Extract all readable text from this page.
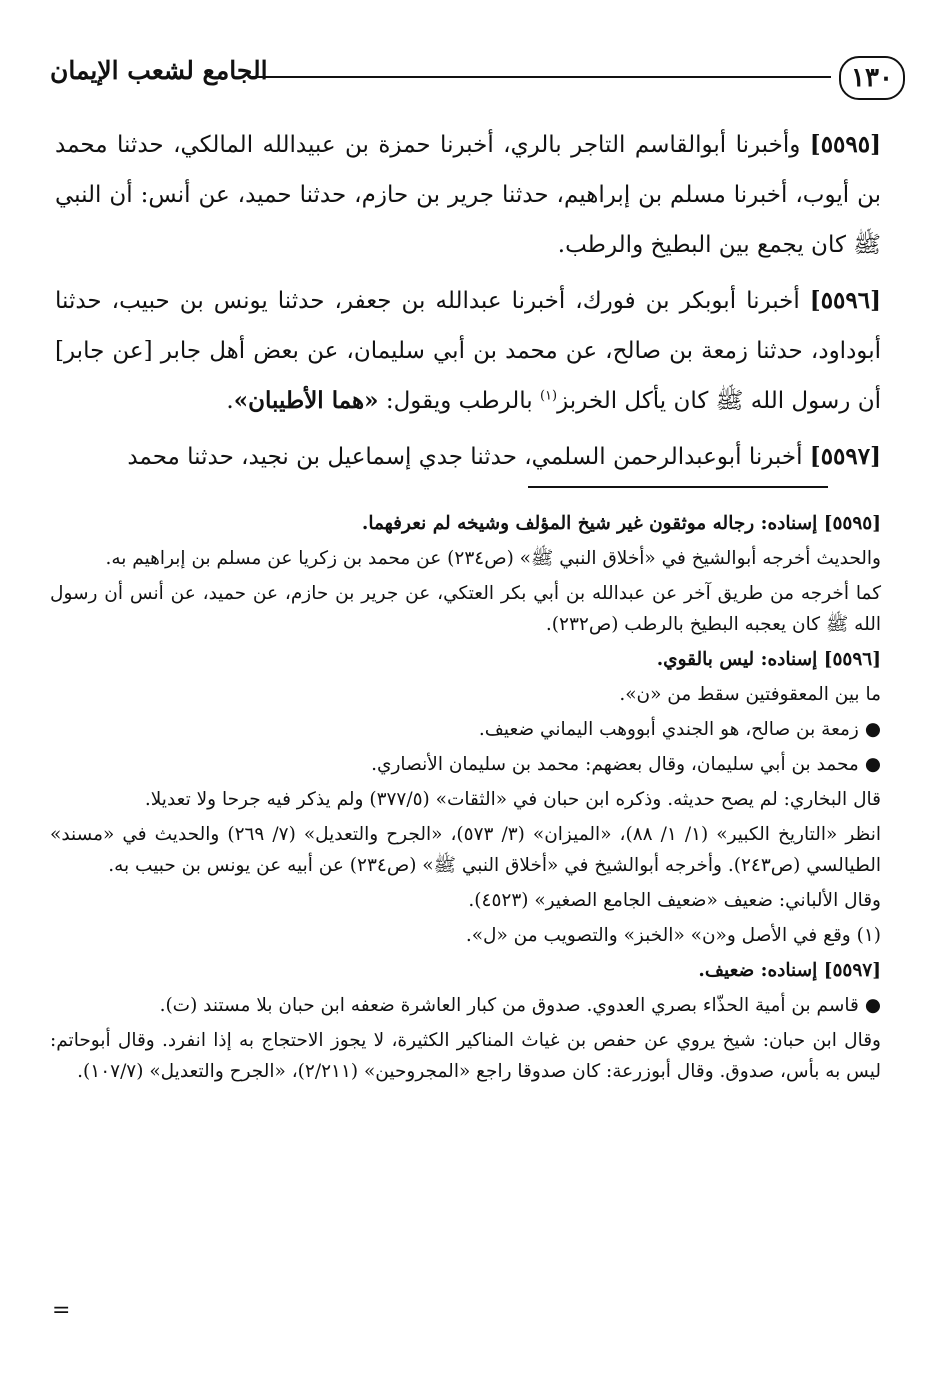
١٣٠
الجامع لشعب الإيمان

[٥٥٩٥] وأخبرنا أبوالقاسم التاجر بالري، أخبرنا حمزة بن عبيدالله المالكي، حدثنا محمد بن أيوب، أخبرنا مسلم بن إبراهيم، حدثنا جرير بن حازم، حدثنا حميد، عن أنس: أن النبي ﷺ كان يجمع بين البطيخ والرطب.

[٥٥٩٦] أخبرنا أبوبكر بن فورك، أخبرنا عبدالله بن جعفر، حدثنا يونس بن حبيب، حدثنا أبوداود، حدثنا زمعة بن صالح، عن محمد بن أبي سليمان، عن بعض أهل جابر [عن جابر] أن رسول الله ﷺ كان يأكل الخربز$^{(١)}$ بالرطب ويقول: «هما الأطيبان».

[٥٥٩٧] أخبرنا أبوعبدالرحمن السلمي، حدثنا جدي إسماعيل بن نجيد، حدثنا محمد

[٥٥٩٥] إسناده: رجاله موثقون غير شيخ المؤلف وشيخه لم نعرفهما.

والحديث أخرجه أبوالشيخ في «أخلاق النبي ﷺ» (ص٢٣٤) عن محمد بن زكريا عن مسلم بن إبراهيم به.

كما أخرجه من طريق آخر عن عبدالله بن أبي بكر العتكي، عن جرير بن حازم، عن حميد، عن أنس أن رسول الله ﷺ كان يعجبه البطيخ بالرطب (ص٢٣٢).

[٥٥٩٦] إسناده: ليس بالقوي.

ما بين المعقوفتين سقط من «ن».

●زمعة بن صالح، هو الجندي أبووهب اليماني ضعيف.

●محمد بن أبي سليمان، وقال بعضهم: محمد بن سليمان الأنصاري.

قال البخاري: لم يصح حديثه. وذكره ابن حبان في «الثقات» (٣٧٧/٥) ولم يذكر فيه جرحا ولا تعديلا.

انظر «التاريخ الكبير» (١/ ١/ ٨٨)، «الميزان» (٣/ ٥٧٣)، «الجرح والتعديل» (٧/ ٢٦٩) والحديث في «مسند» الطيالسي (ص٢٤٣). وأخرجه أبوالشيخ في «أخلاق النبي ﷺ» (ص٢٣٤) عن أبيه عن يونس بن حبيب به.

وقال الألباني: ضعيف «ضعيف الجامع الصغير» (٤٥٢٣).

(١) وقع في الأصل و«ن» «الخبز» والتصويب من «ل».

[٥٥٩٧] إسناده: ضعيف.

●قاسم بن أمية الحذّاء بصري العدوي. صدوق من كبار العاشرة ضعفه ابن حبان بلا مستند (ت).

وقال ابن حبان: شيخ يروي عن حفص بن غياث المناكير الكثيرة، لا يجوز الاحتجاج به إذا انفرد. وقال أبوحاتم: ليس به بأس، صدوق. وقال أبوزرعة: كان صدوقا راجع «المجروحين» (٢/٢١١)، «الجرح والتعديل» (١٠٧/٧).

=
